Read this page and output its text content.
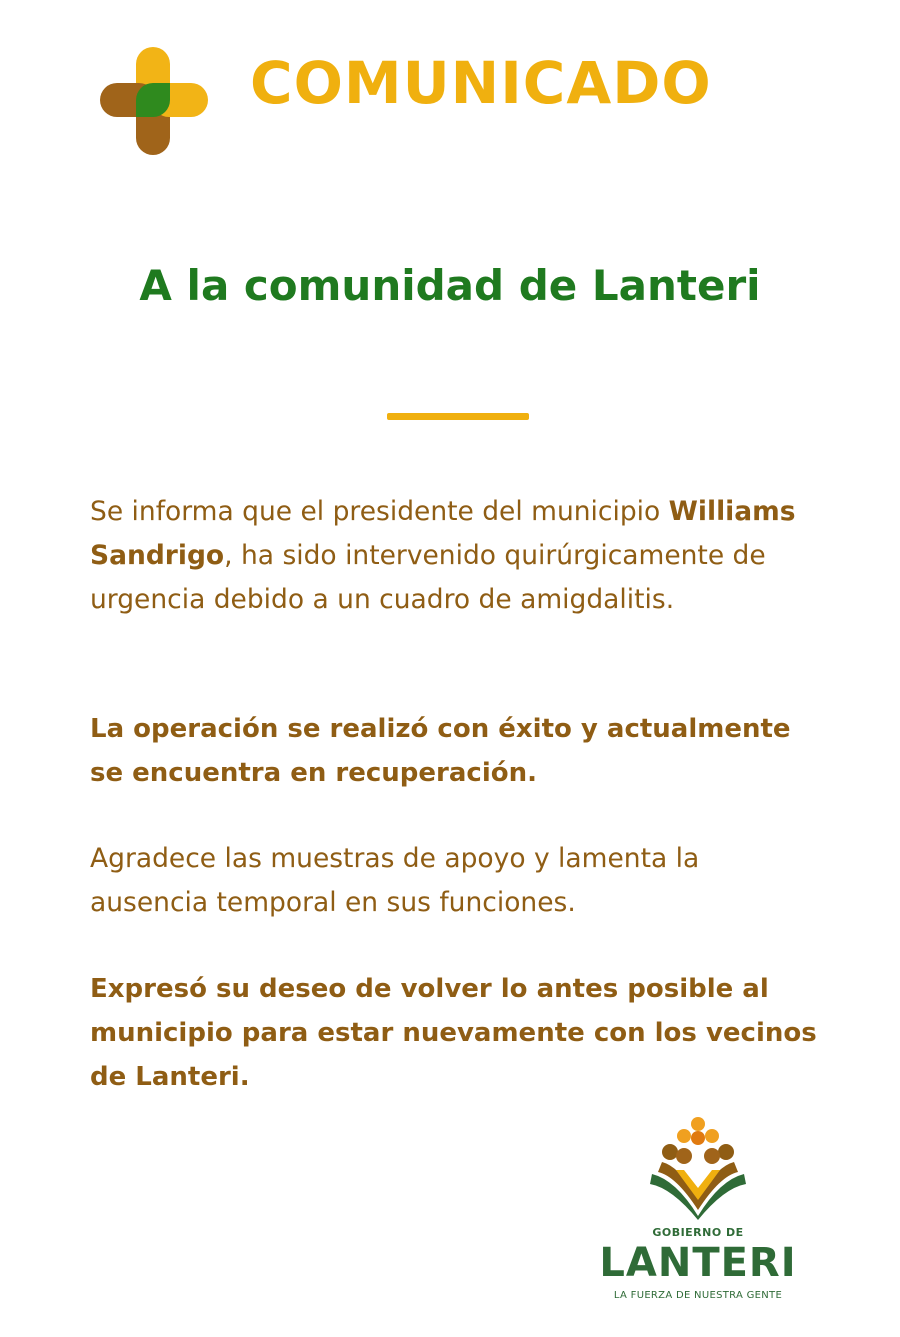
COMUNICADO
A la comunidad de Lanteri
Se informa que el presidente del municipio Williams Sandrigo, ha sido intervenido quirúrgicamente de urgencia debido a un cuadro de amigdalitis.
La operación se realizó con éxito y actualmente se encuentra en recuperación.
Agradece las muestras de apoyo y lamenta la ausencia temporal en sus funciones.
Expresó su deseo de volver lo antes posible al municipio para estar nuevamente con los vecinos de Lanteri.
GOBIERNO DE
LANTERI
LA FUERZA DE NUESTRA GENTE
